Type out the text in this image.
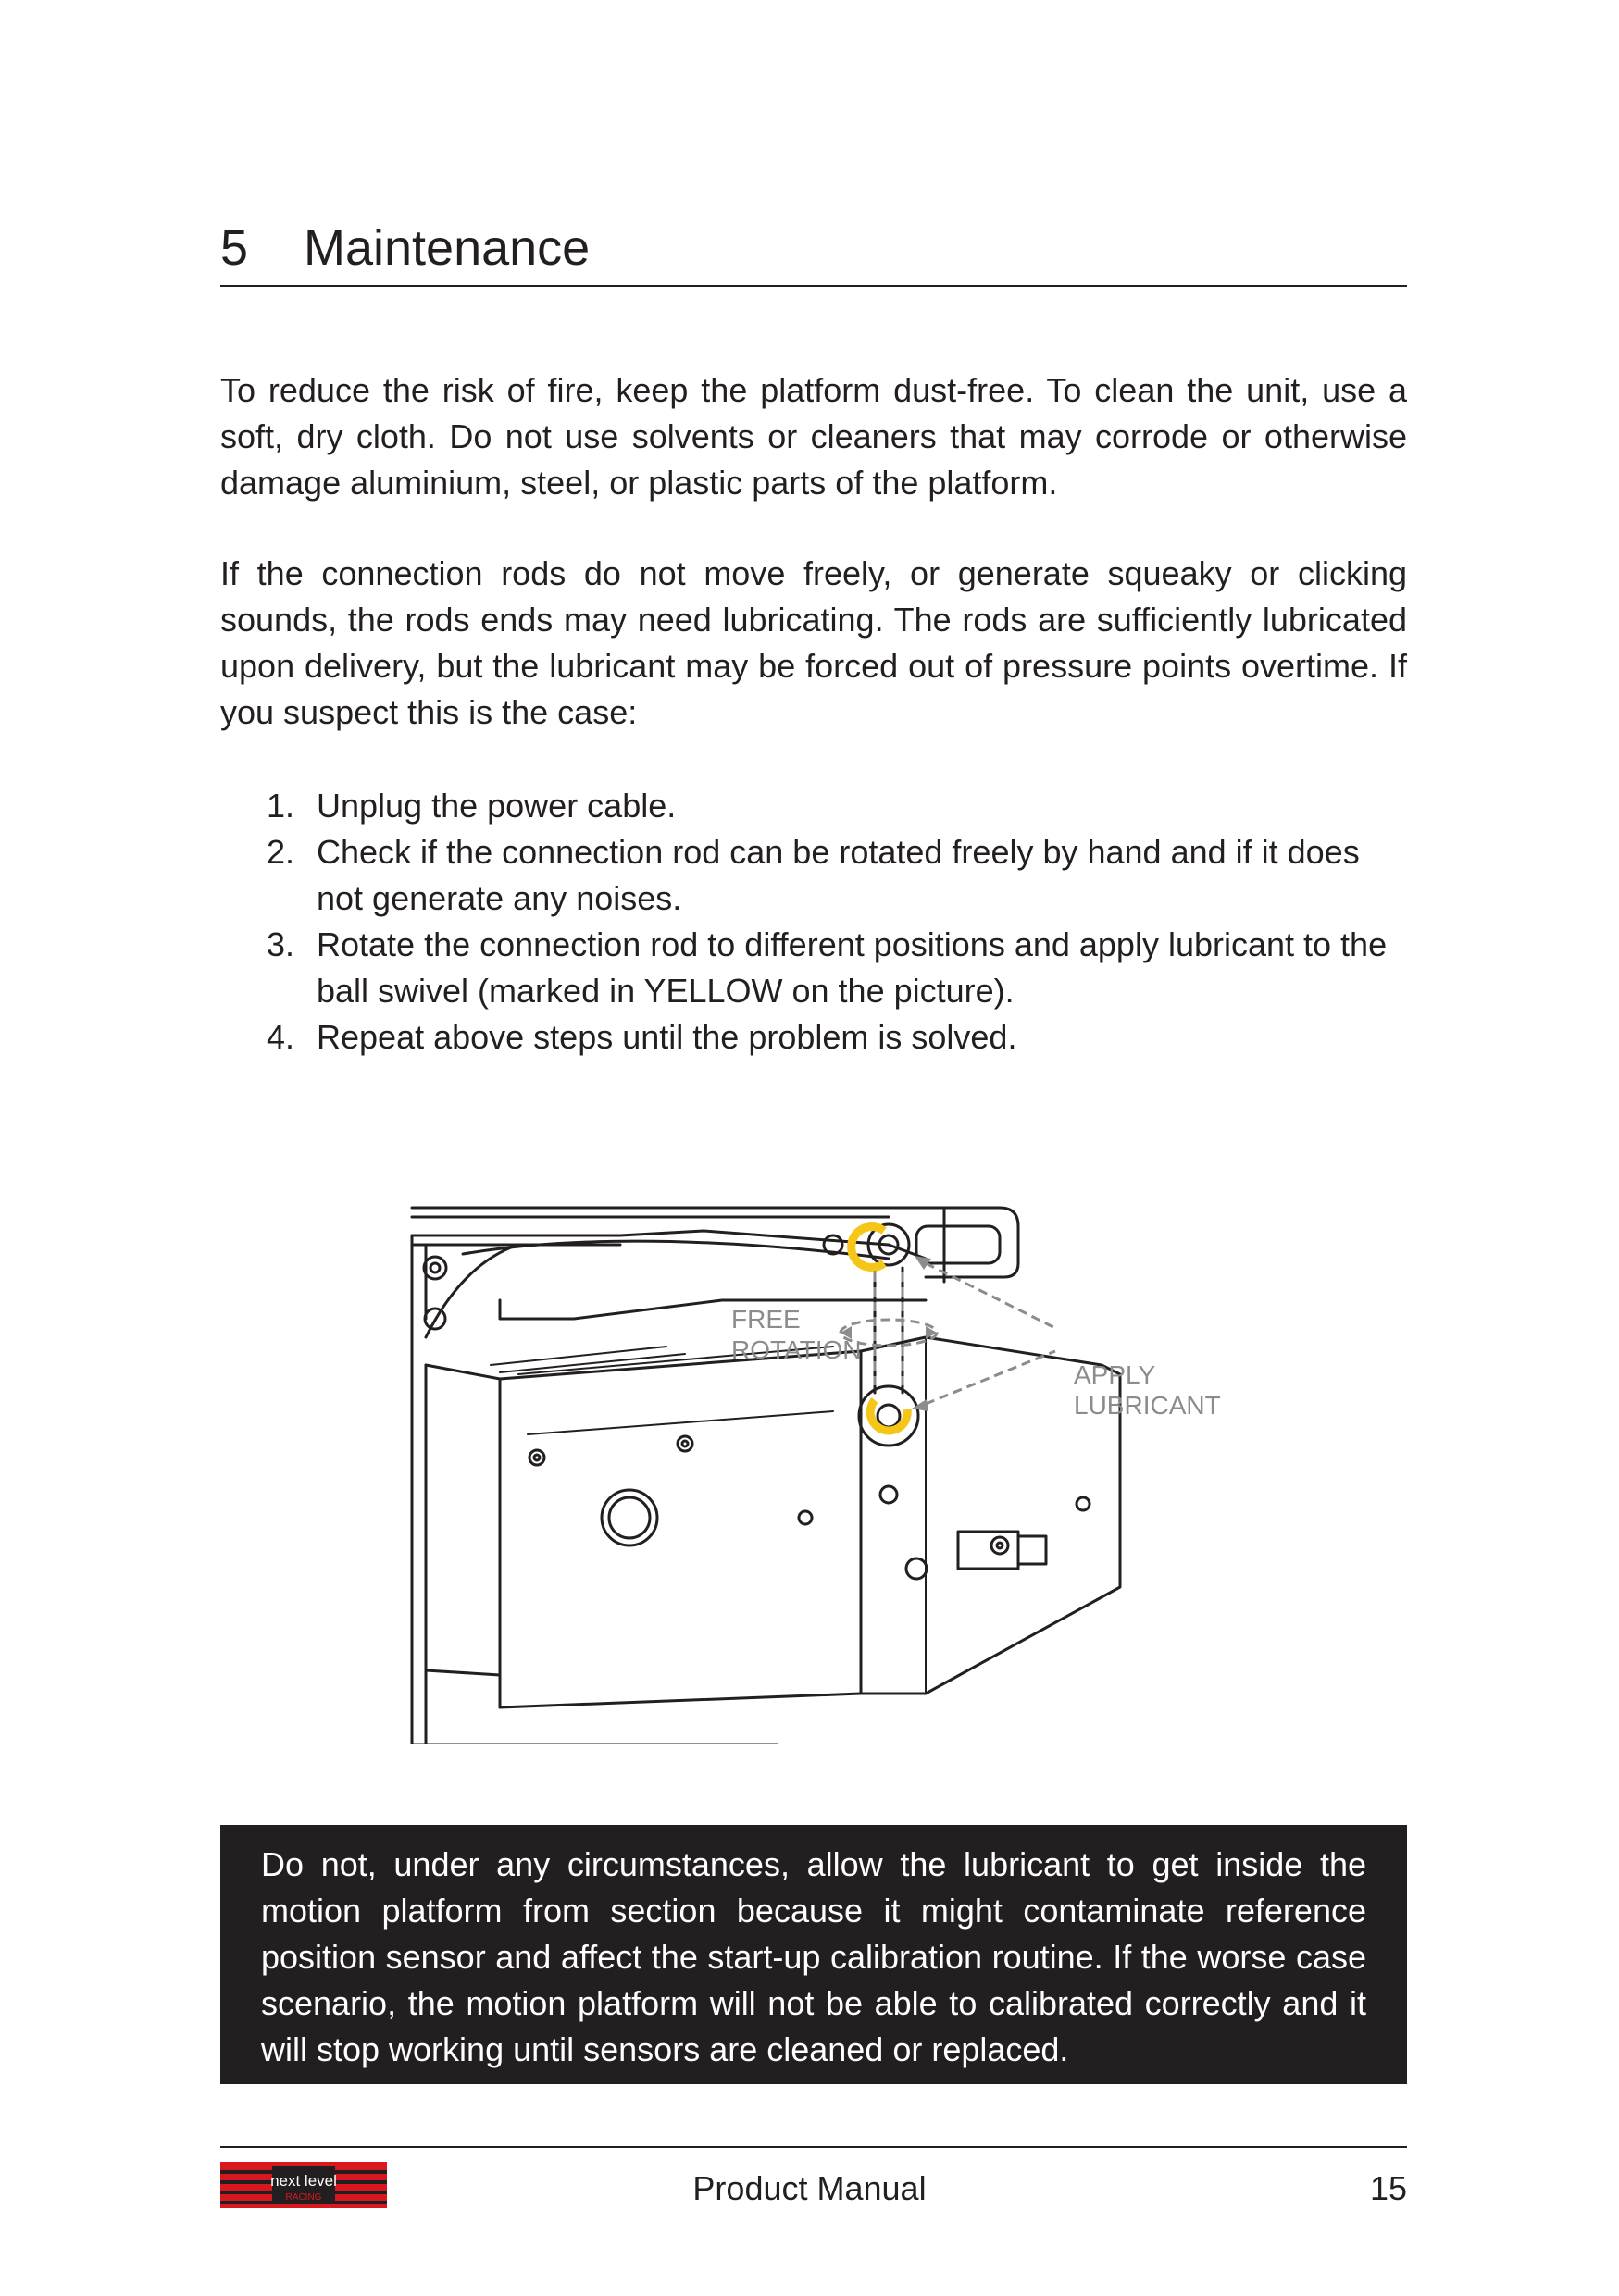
5 Maintenance

To reduce the risk of fire, keep the platform dust-free. To clean the unit, use a soft, dry cloth. Do not use solvents or cleaners that may corrode or otherwise damage aluminium, steel, or plastic parts of the platform.

If the connection rods do not move freely, or generate squeaky or clicking sounds, the rods ends may need lubricating. The rods are sufficiently lubricated upon delivery, but the lubricant may be forced out of pressure points overtime. If you suspect this is the case:

1. Unplug the power cable.
2. Check if the connection rod can be rotated freely by hand and if it does not generate any noises.
3. Rotate the connection rod to different positions and apply lubricant to the ball swivel (marked in YELLOW on the picture).
4. Repeat above steps until the problem is solved.
FREE
ROTATION
APPLY
LUBRICANT

Do not, under any circumstances, allow the lubricant to get inside the motion platform from section because it might contaminate reference position sensor and affect the start-up calibration routine. If the worse case scenario, the motion platform will not be able to calibrated correctly and it will stop working until sensors are cleaned or replaced.

next level
RACING	Product Manual	15
